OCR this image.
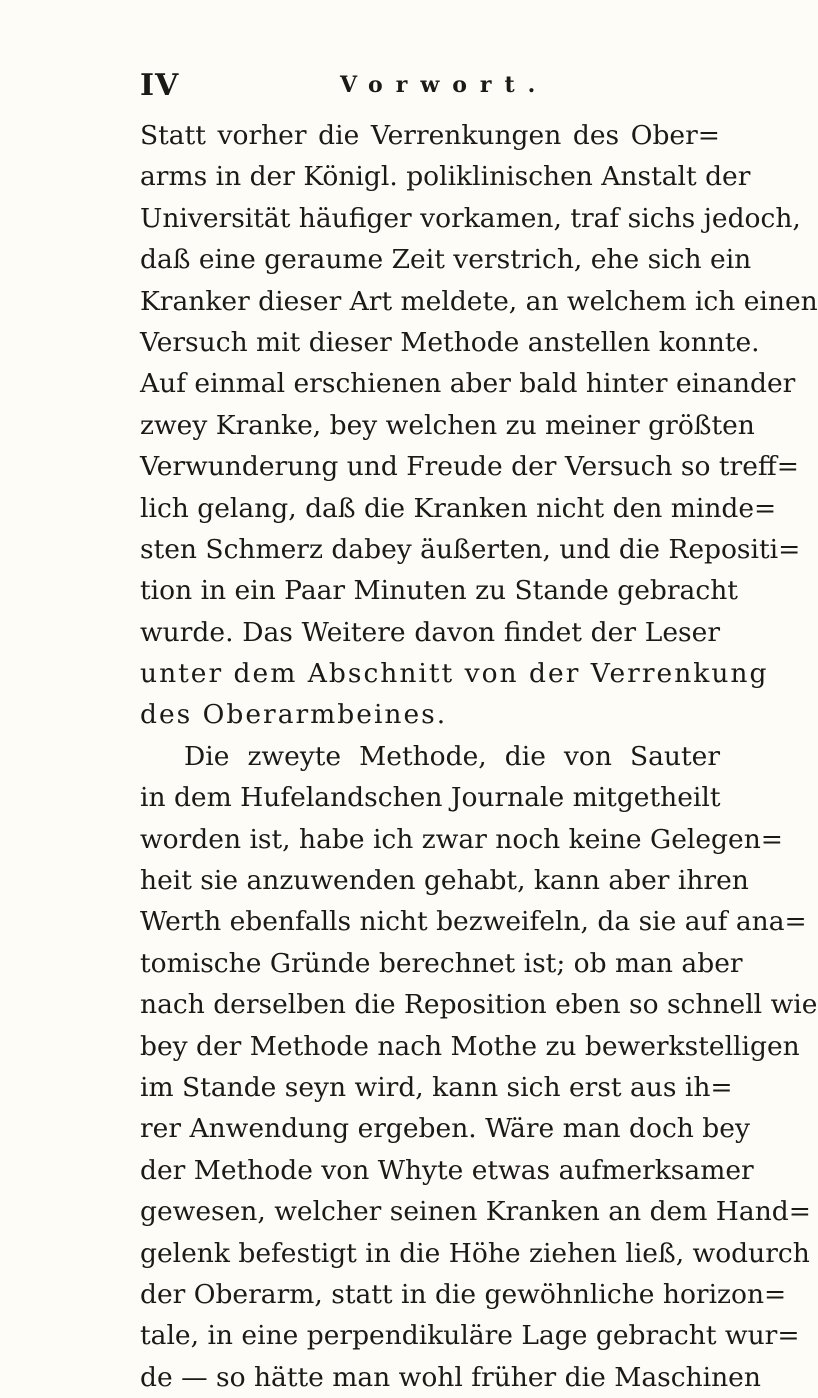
IV	Vorwort.
Statt vorher die Verrenkungen des Ober=
arms in der Königl. poliklinischen Anstalt der
Universität häufiger vorkamen, traf sichs jedoch,
daß eine geraume Zeit verstrich, ehe sich ein
Kranker dieser Art meldete, an welchem ich einen
Versuch mit dieser Methode anstellen konnte.
Auf einmal erschienen aber bald hinter einander
zwey Kranke, bey welchen zu meiner größten
Verwunderung und Freude der Versuch so treff=
lich gelang, daß die Kranken nicht den minde=
sten Schmerz dabey äußerten, und die Repositi=
tion in ein Paar Minuten zu Stande gebracht
wurde. Das Weitere davon findet der Leser
unter dem Abschnitt von der Verrenkung
des Oberarmbeines.
Die zweyte Methode, die von Sauter
in dem Hufelandschen Journale mitgetheilt
worden ist, habe ich zwar noch keine Gelegen=
heit sie anzuwenden gehabt, kann aber ihren
Werth ebenfalls nicht bezweifeln, da sie auf ana=
tomische Gründe berechnet ist; ob man aber
nach derselben die Reposition eben so schnell wie
bey der Methode nach Mothe zu bewerkstelligen
im Stande seyn wird, kann sich erst aus ih=
rer Anwendung ergeben. Wäre man doch bey
der Methode von Whyte etwas aufmerksamer
gewesen, welcher seinen Kranken an dem Hand=
gelenk befestigt in die Höhe ziehen ließ, wodurch
der Oberarm, statt in die gewöhnliche horizon=
tale, in eine perpendikuläre Lage gebracht wur=
de — so hätte man wohl früher die Maschinen
